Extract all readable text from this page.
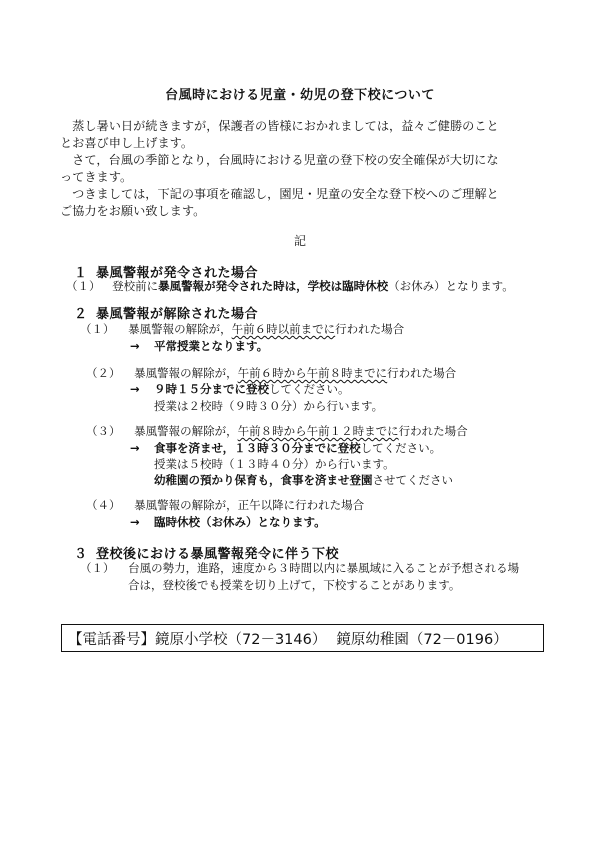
台風時における児童・幼児の登下校について

　蒸し暑い日が続きますが，保護者の皆様におかれましては，益々ご健勝のこと

とお喜び申し上げます。

　さて，台風の季節となり，台風時における児童の登下校の安全確保が大切にな

ってきます。

　つきましては，下記の事項を確認し，園児・児童の安全な登下校へのご理解と

ご協力をお願い致します。

記
１ 暴風警報が発令された場合
（１） 登校前に暴風警報が発令された時は，学校は臨時休校（お休み）となります。
２ 暴風警報が解除された場合
（１） 暴風警報の解除が，午前６時以前までに行われた場合
→ 平常授業となります。
（２） 暴風警報の解除が，午前６時から午前８時までに行われた場合
→ ９時１５分までに登校してください。
授業は２校時（９時３０分）から行います。
（３） 暴風警報の解除が，午前８時から午前１２時までに行われた場合
→ 食事を済ませ，１３時３０分までに登校してください。
授業は５校時（１３時４０分）から行います。
幼稚園の預かり保育も，食事を済ませ登園させてください
（４） 暴風警報の解除が，正午以降に行われた場合
→ 臨時休校（お休み）となります。
３ 登校後における暴風警報発令に伴う下校
（１） 台風の勢力，進路，速度から３時間以内に暴風域に入ることが予想される場
合は，登校後でも授業を切り上げて，下校することがあります。
【電話番号】 鏡原小学校（72－3146） 鏡原幼稚園（72－0196）
